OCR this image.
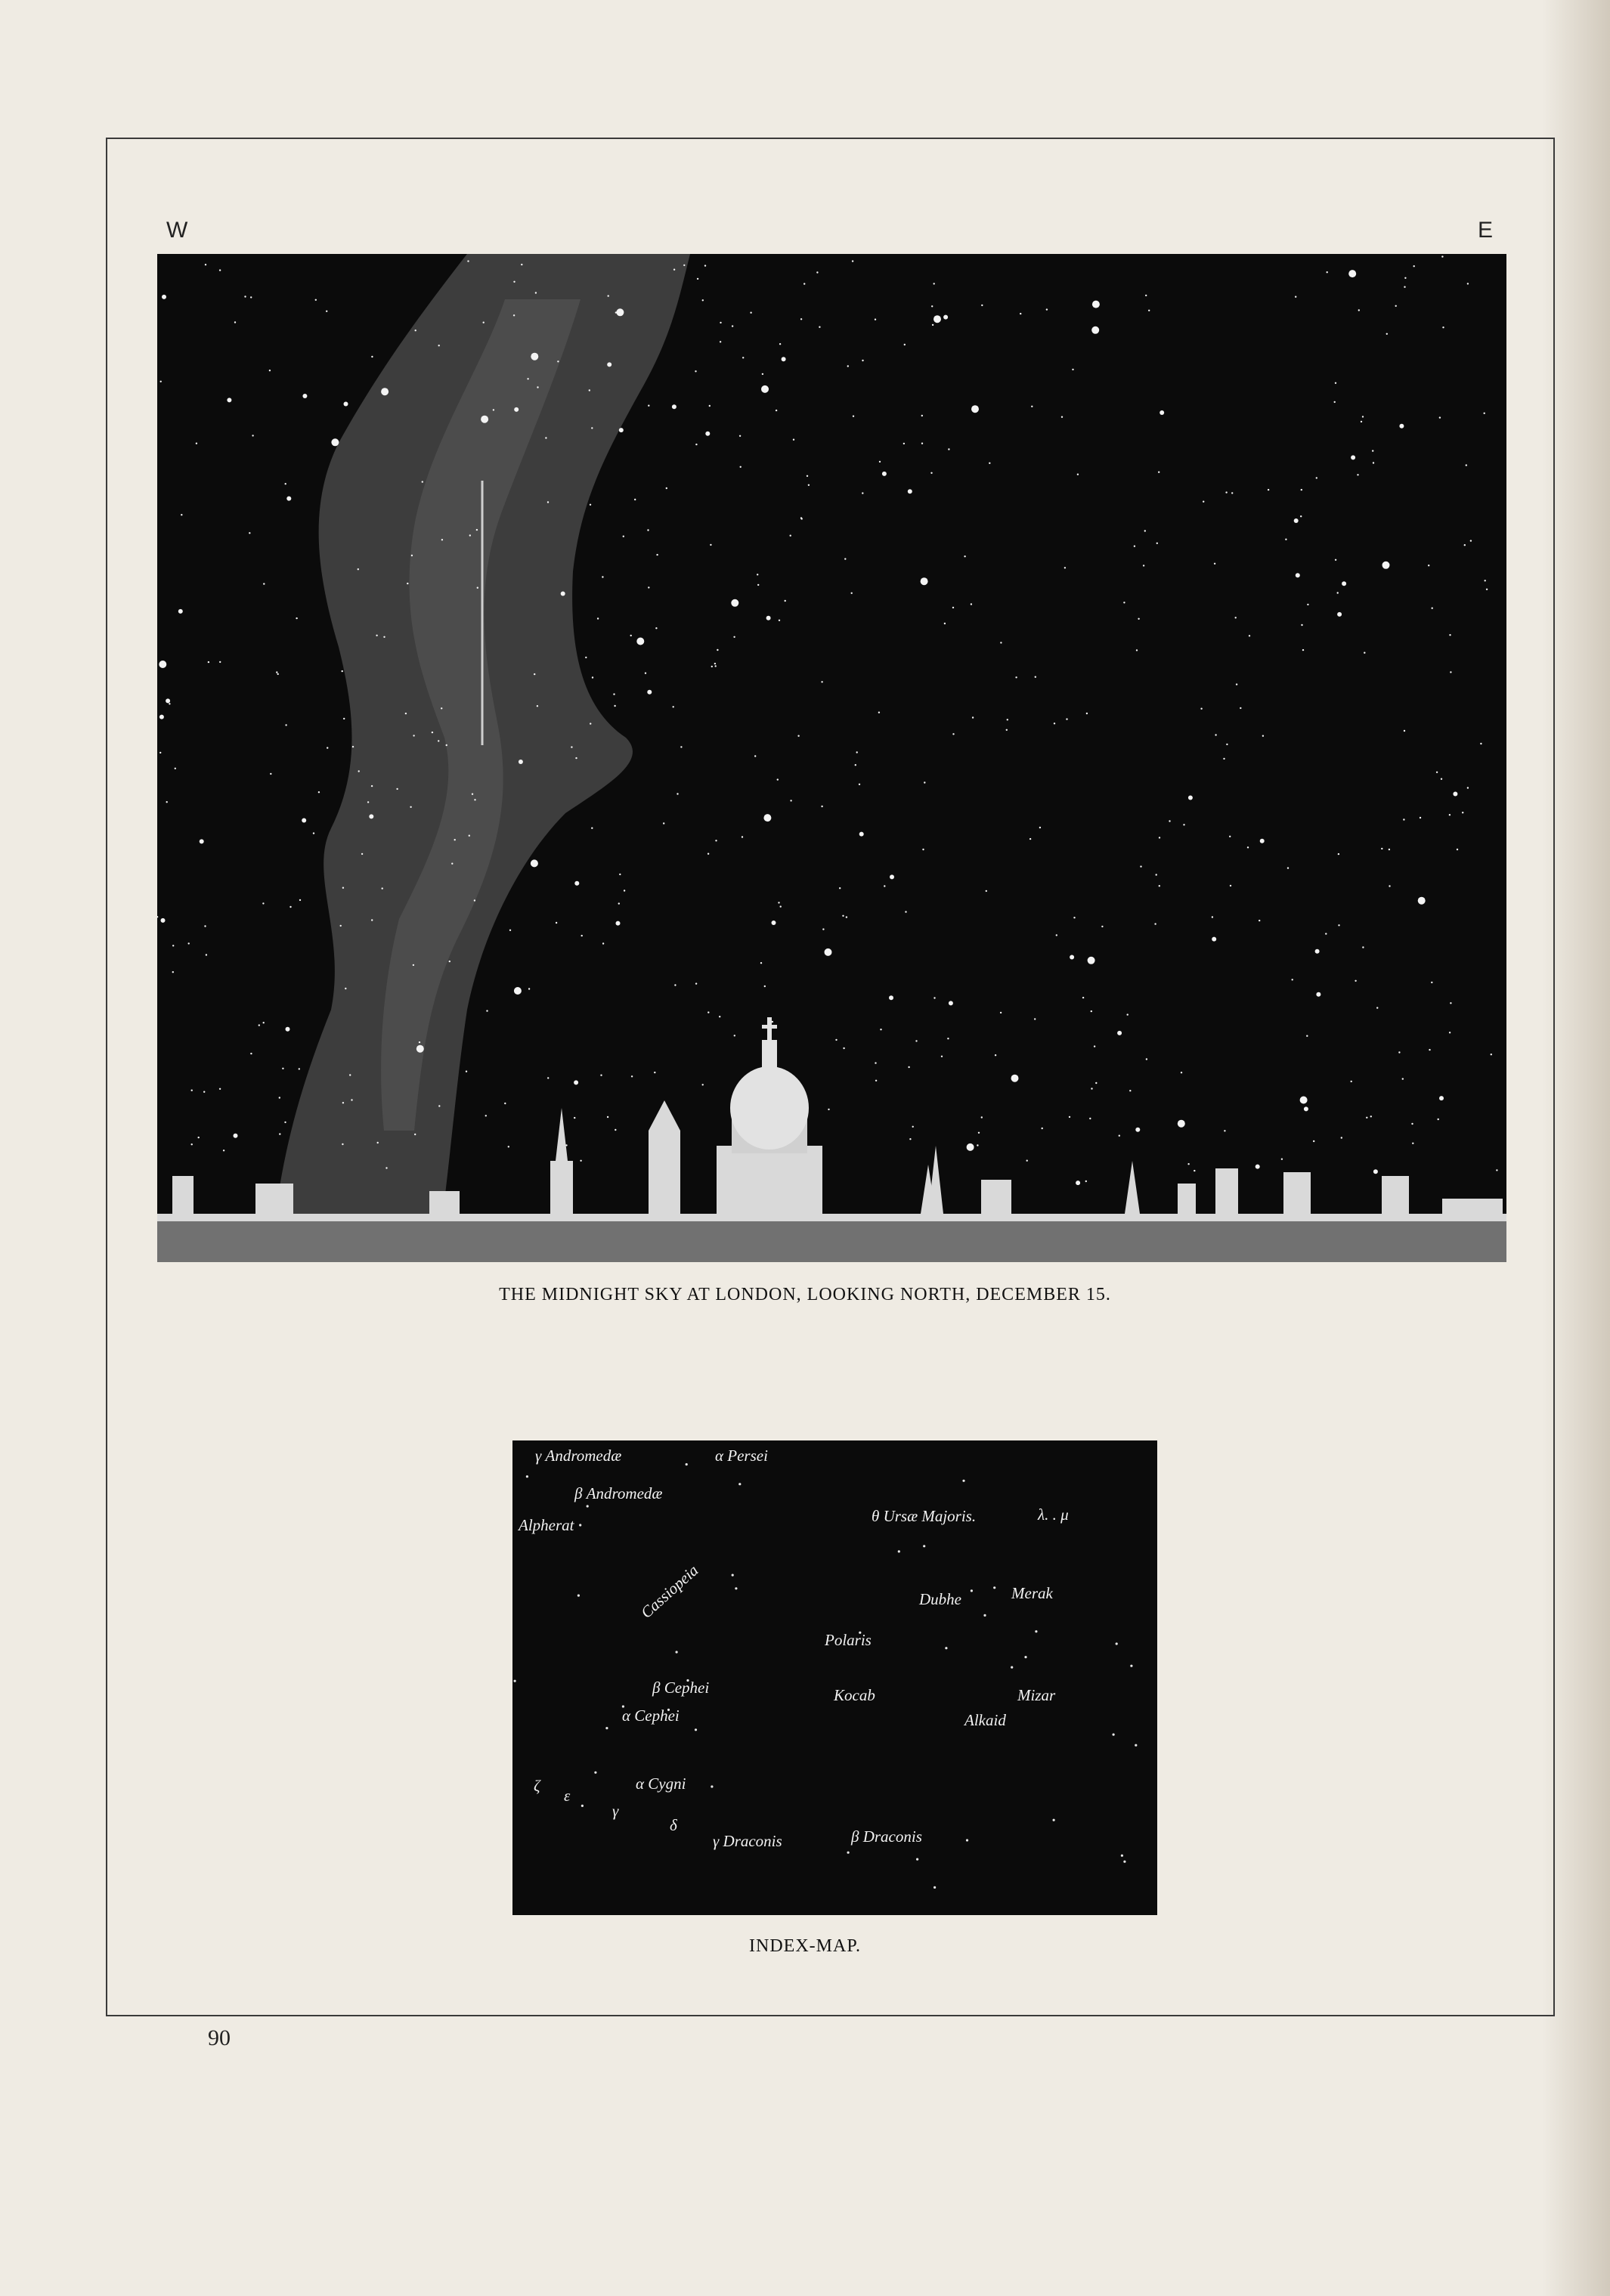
W	E
THE MIDNIGHT SKY AT LONDON, LOOKING NORTH, DECEMBER 15.
γ Andromedæ	α Persei
β Andromedæ
Alpherat	θ Ursæ Majoris.	λ. . μ
Cassiopeia	Dubhe	Merak
Polaris
β Cephei	Kocab	Mizar
α Cephei	Alkaid
α Cygni
γ Draconis	β Draconis
ζ
ε
γ
δ
INDEX-MAP.
90
